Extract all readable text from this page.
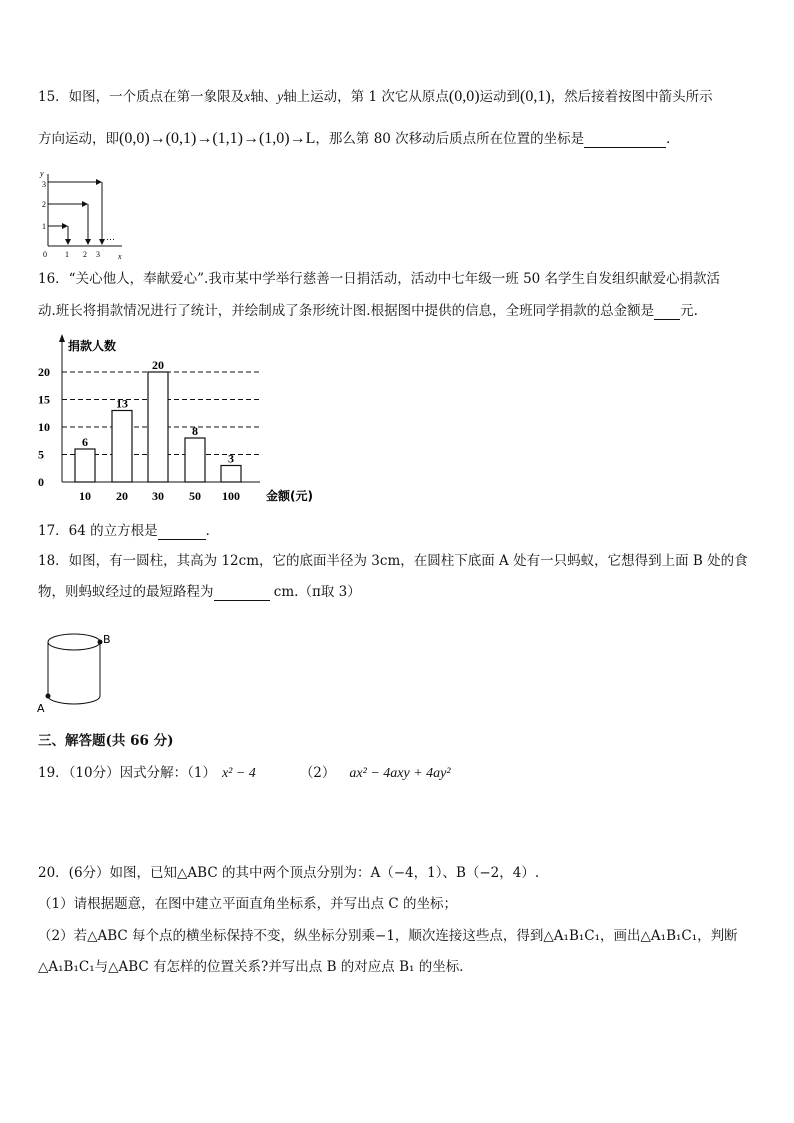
15．如图，一个质点在第一象限及x轴、y轴上运动，第 1 次它从原点(0,0)运动到(0,1)，然后接着按图中箭头所示
方向运动，即(0,0)→(0,1)→(1,1)→(1,0)→L，那么第 80 次移动后质点所在位置的坐标是	．
x
y
0 1 2 3
1
2
3
…
16．“关心他人，奉献爱心”.我市某中学举行慈善一日捐活动，活动中七年级一班 50 名学生自发组织献爱心捐款活
动.班长将捐款情况进行了统计，并绘制成了条形统计图.根据图中提供的信息，全班同学捐款的总金额是 元.
捐款人数
金额(元)
0
5
10
15
20
6
10
13
20
20
30
8
50
3
100
17．64 的立方根是	．
18．如图，有一圆柱，其高为 12cm，它的底面半径为 3cm，在圆柱下底面 A 处有一只蚂蚁，它想得到上面 B 处的食
物，则蚂蚁经过的最短路程为	cm.（π取 3）
B
A
三、解答题(共 66 分)
19．（10分）因式分解：（1） x² − 4	（2） ax² − 4axy + 4ay²
20．(6分）如图，已知△ABC 的其中两个顶点分别为：A（−4，1）、B（−2，4）.
（1）请根据题意，在图中建立平面直角坐标系，并写出点 C 的坐标；
（2）若△ABC 每个点的横坐标保持不变，纵坐标分别乘−1，顺次连接这些点，得到△A₁B₁C₁，画出△A₁B₁C₁，判断
△A₁B₁C₁与△ABC 有怎样的位置关系?并写出点 B 的对应点 B₁ 的坐标．
